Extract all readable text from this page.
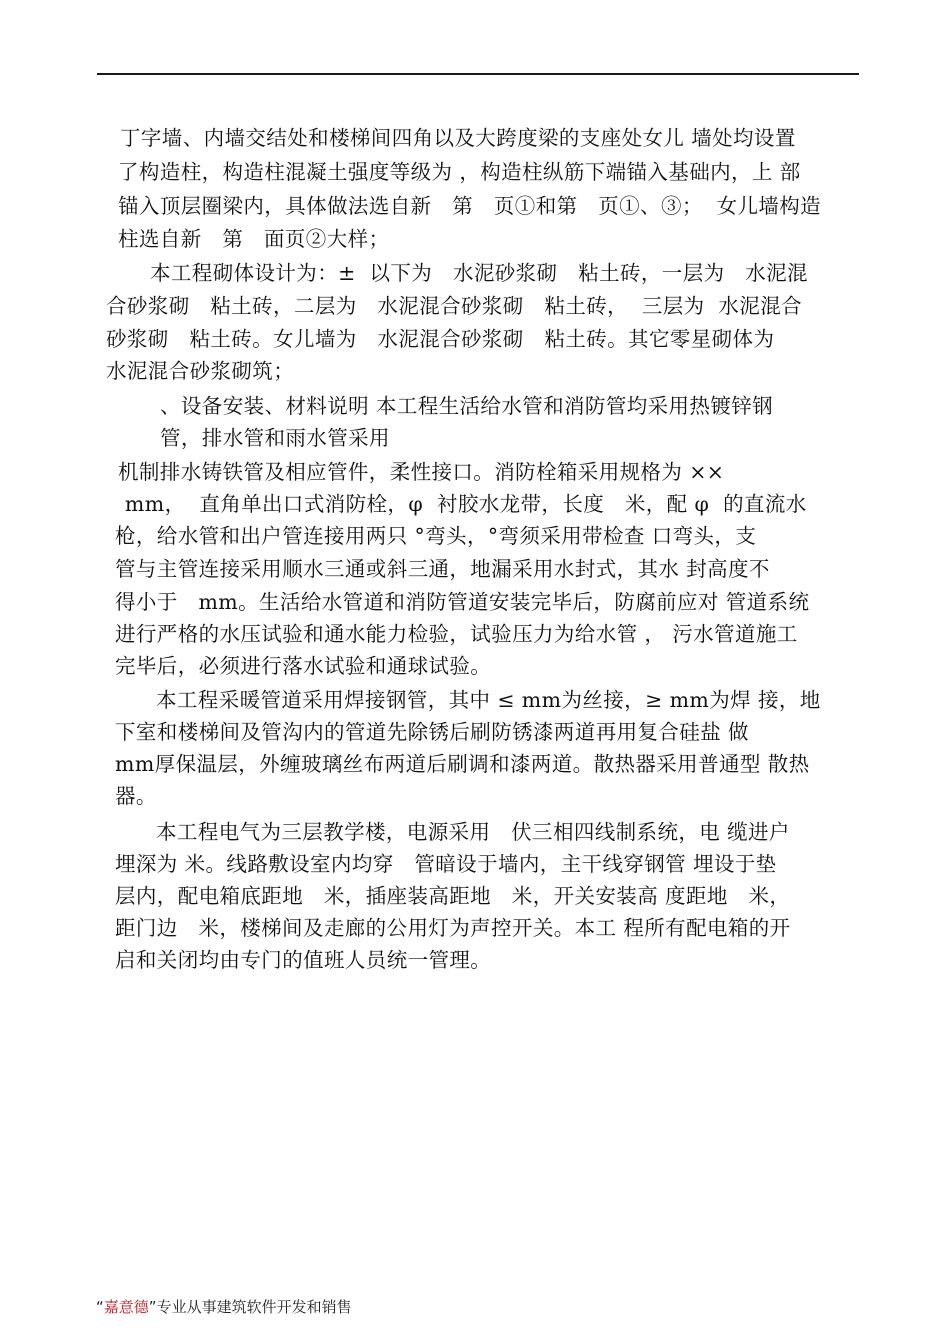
丁字墙、内墙交结处和楼梯间四角以及大跨度梁的支座处女儿 墙处均设置
了构造柱，构造柱混凝土强度等级为 ，构造柱纵筋下端锚入基础内，上 部
锚入顶层圈梁内，具体做法选自新   第   页①和第   页①、③；  女儿墙构造
柱选自新   第   面页②大样；
本工程砌体设计为：±  以下为   水泥砂浆砌   粘土砖，一层为   水泥混
合砂浆砌   粘土砖，二层为   水泥混合砂浆砌   粘土砖，  三层为  水泥混合
砂浆砌   粘土砖。女儿墙为   水泥混合砂浆砌   粘土砖。其它零星砌体为
水泥混合砂浆砌筑；
、设备安装、材料说明 本工程生活给水管和消防管均采用热镀锌钢
管，排水管和雨水管采用
机制排水铸铁管及相应管件，柔性接口。消防栓箱采用规格为 ××
mm，  直角单出口式消防栓，φ  衬胶水龙带，长度   米，配 φ  的直流水
枪，给水管和出户管连接用两只 °弯头，°弯须采用带检查 口弯头，支
管与主管连接采用顺水三通或斜三通，地漏采用水封式，其水 封高度不
得小于   mm。生活给水管道和消防管道安装完毕后，防腐前应对 管道系统
进行严格的水压试验和通水能力检验，试验压力为给水管 ， 污水管道施工
完毕后，必须进行落水试验和通球试验。
本工程采暖管道采用焊接钢管，其中 ≤ mm为丝接，≥ mm为焊 接，地
下室和楼梯间及管沟内的管道先除锈后刷防锈漆两道再用复合硅盐 做
mm厚保温层，外缠玻璃丝布两道后刷调和漆两道。散热器采用普通型 散热
器。
本工程电气为三层教学楼，电源采用   伏三相四线制系统，电 缆进户
埋深为 米。线路敷设室内均穿   管暗设于墙内，主干线穿钢管 埋设于垫
层内，配电箱底距地   米，插座装高距地   米，开关安装高 度距地   米，
距门边   米，楼梯间及走廊的公用灯为声控开关。本工 程所有配电箱的开
启和关闭均由专门的值班人员统一管理。
“嘉意德”专业从事建筑软件开发和销售
